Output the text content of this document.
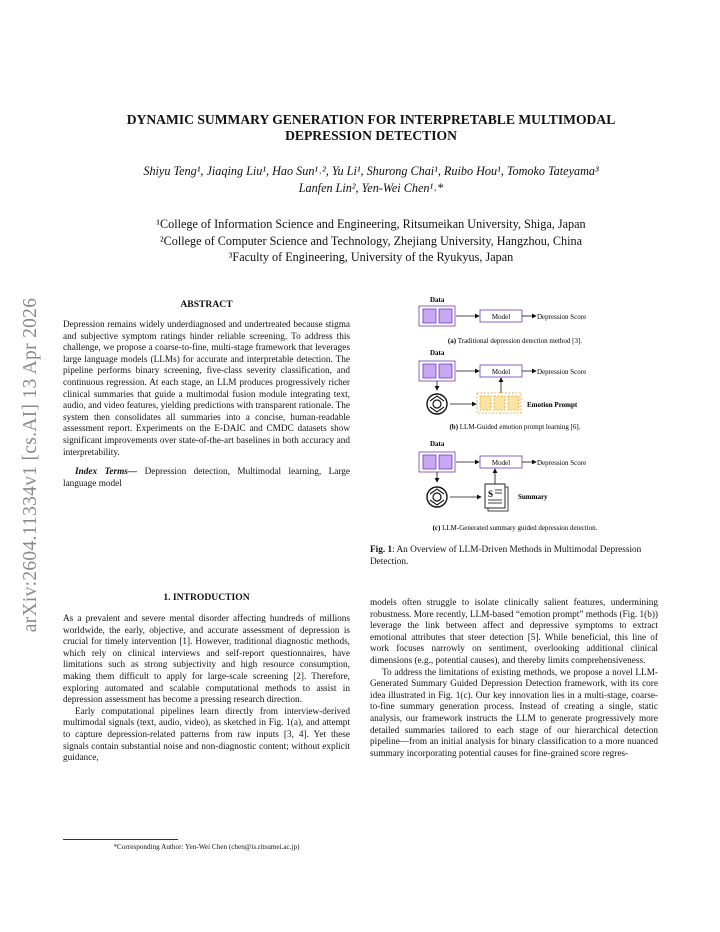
arXiv:2604.11334v1 [cs.AI] 13 Apr 2026
DYNAMIC SUMMARY GENERATION FOR INTERPRETABLE MULTIMODAL
DEPRESSION DETECTION
Shiyu Teng¹, Jiaqing Liu¹, Hao Sun¹˒², Yu Li¹, Shurong Chai¹, Ruibo Hou¹, Tomoko Tateyama³
Lanfen Lin², Yen-Wei Chen¹˒*
¹College of Information Science and Engineering, Ritsumeikan University, Shiga, Japan
²College of Computer Science and Technology, Zhejiang University, Hangzhou, China
³Faculty of Engineering, University of the Ryukyus, Japan
ABSTRACT

Depression remains widely underdiagnosed and undertreated because stigma and subjective symptom ratings hinder reliable screening. To address this challenge, we propose a coarse-to-fine, multi-stage framework that leverages large language models (LLMs) for accurate and interpretable detection. The pipeline performs binary screening, five-class severity classification, and continuous regression. At each stage, an LLM produces progressively richer clinical summaries that guide a multimodal fusion module integrating text, audio, and video features, yielding predictions with transparent rationale. The system then consolidates all summaries into a concise, human-readable assessment report. Experiments on the E-DAIC and CMDC datasets show significant improvements over state-of-the-art baselines in both accuracy and interpretability.

Index Terms— Depression detection, Multimodal learning, Large language model

1. INTRODUCTION

As a prevalent and severe mental disorder affecting hundreds of millions worldwide, the early, objective, and accurate assessment of depression is crucial for timely intervention [1]. However, traditional diagnostic methods, which rely on clinical interviews and self-report questionnaires, have limitations such as strong subjectivity and high resource consumption, making them difficult to apply for large-scale screening [2]. Therefore, exploring automated and scalable computational methods to assist in depression assessment has become a pressing research direction.

Early computational pipelines learn directly from interview-derived multimodal signals (text, audio, video), as sketched in Fig. 1(a), and attempt to capture depression-related patterns from raw inputs [3, 4]. Yet these signals contain substantial noise and non-diagnostic content; without explicit guidance,

*Corresponding Author: Yen-Wei Chen (chen@is.ritsumei.ac.jp)
Data
Model	Depression Score
(a) Traditional depression detection method [3].
Data
Model	Depression Score
Emotion Prompt
(b) LLM-Guided emotion prompt learning [6].
Data
Model	Depression Score
S	Summary
(c) LLM-Generated summary guided depression detection.
Fig. 1: An Overview of LLM-Driven Methods in Multimodal Depression Detection.

models often struggle to isolate clinically salient features, undermining robustness. More recently, LLM-based “emotion prompt” methods (Fig. 1(b)) leverage the link between affect and depressive symptoms to extract emotional attributes that steer detection [5]. While beneficial, this line of work focuses narrowly on sentiment, overlooking additional clinical dimensions (e.g., potential causes), and thereby limits comprehensiveness.

To address the limitations of existing methods, we propose a novel LLM-Generated Summary Guided Depression Detection framework, with its core idea illustrated in Fig. 1(c). Our key innovation lies in a multi-stage, coarse-to-fine summary generation process. Instead of creating a single, static analysis, our framework instructs the LLM to generate progressively more detailed summaries tailored to each stage of our hierarchical detection pipeline—from an initial analysis for binary classification to a more nuanced summary incorporating potential causes for fine-grained score regres-
